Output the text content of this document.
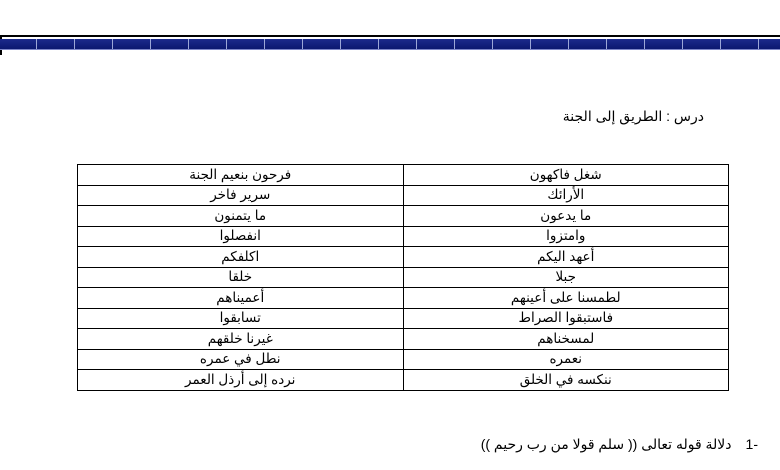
درس : الطريق إلى الجنة
شغل فاكهون	فرحون بنعيم الجنة
الأرائك	سرير فاخر
ما يدعون	ما يتمنون
وامتزوا	انفصلوا
أعهد اليكم	اكلفكم
جبلا	خلقا
لطمسنا على أعينهم	أعميناهم
فاستبقوا الصراط	تسابقوا
لمسخناهم	غيرنا خلقهم
نعمره	نطل في عمره
ننكسه في الخلق	نرده إلى أرذل العمر
-1دلالة قوله تعالى (( سلم قولا من رب رحيم ))
